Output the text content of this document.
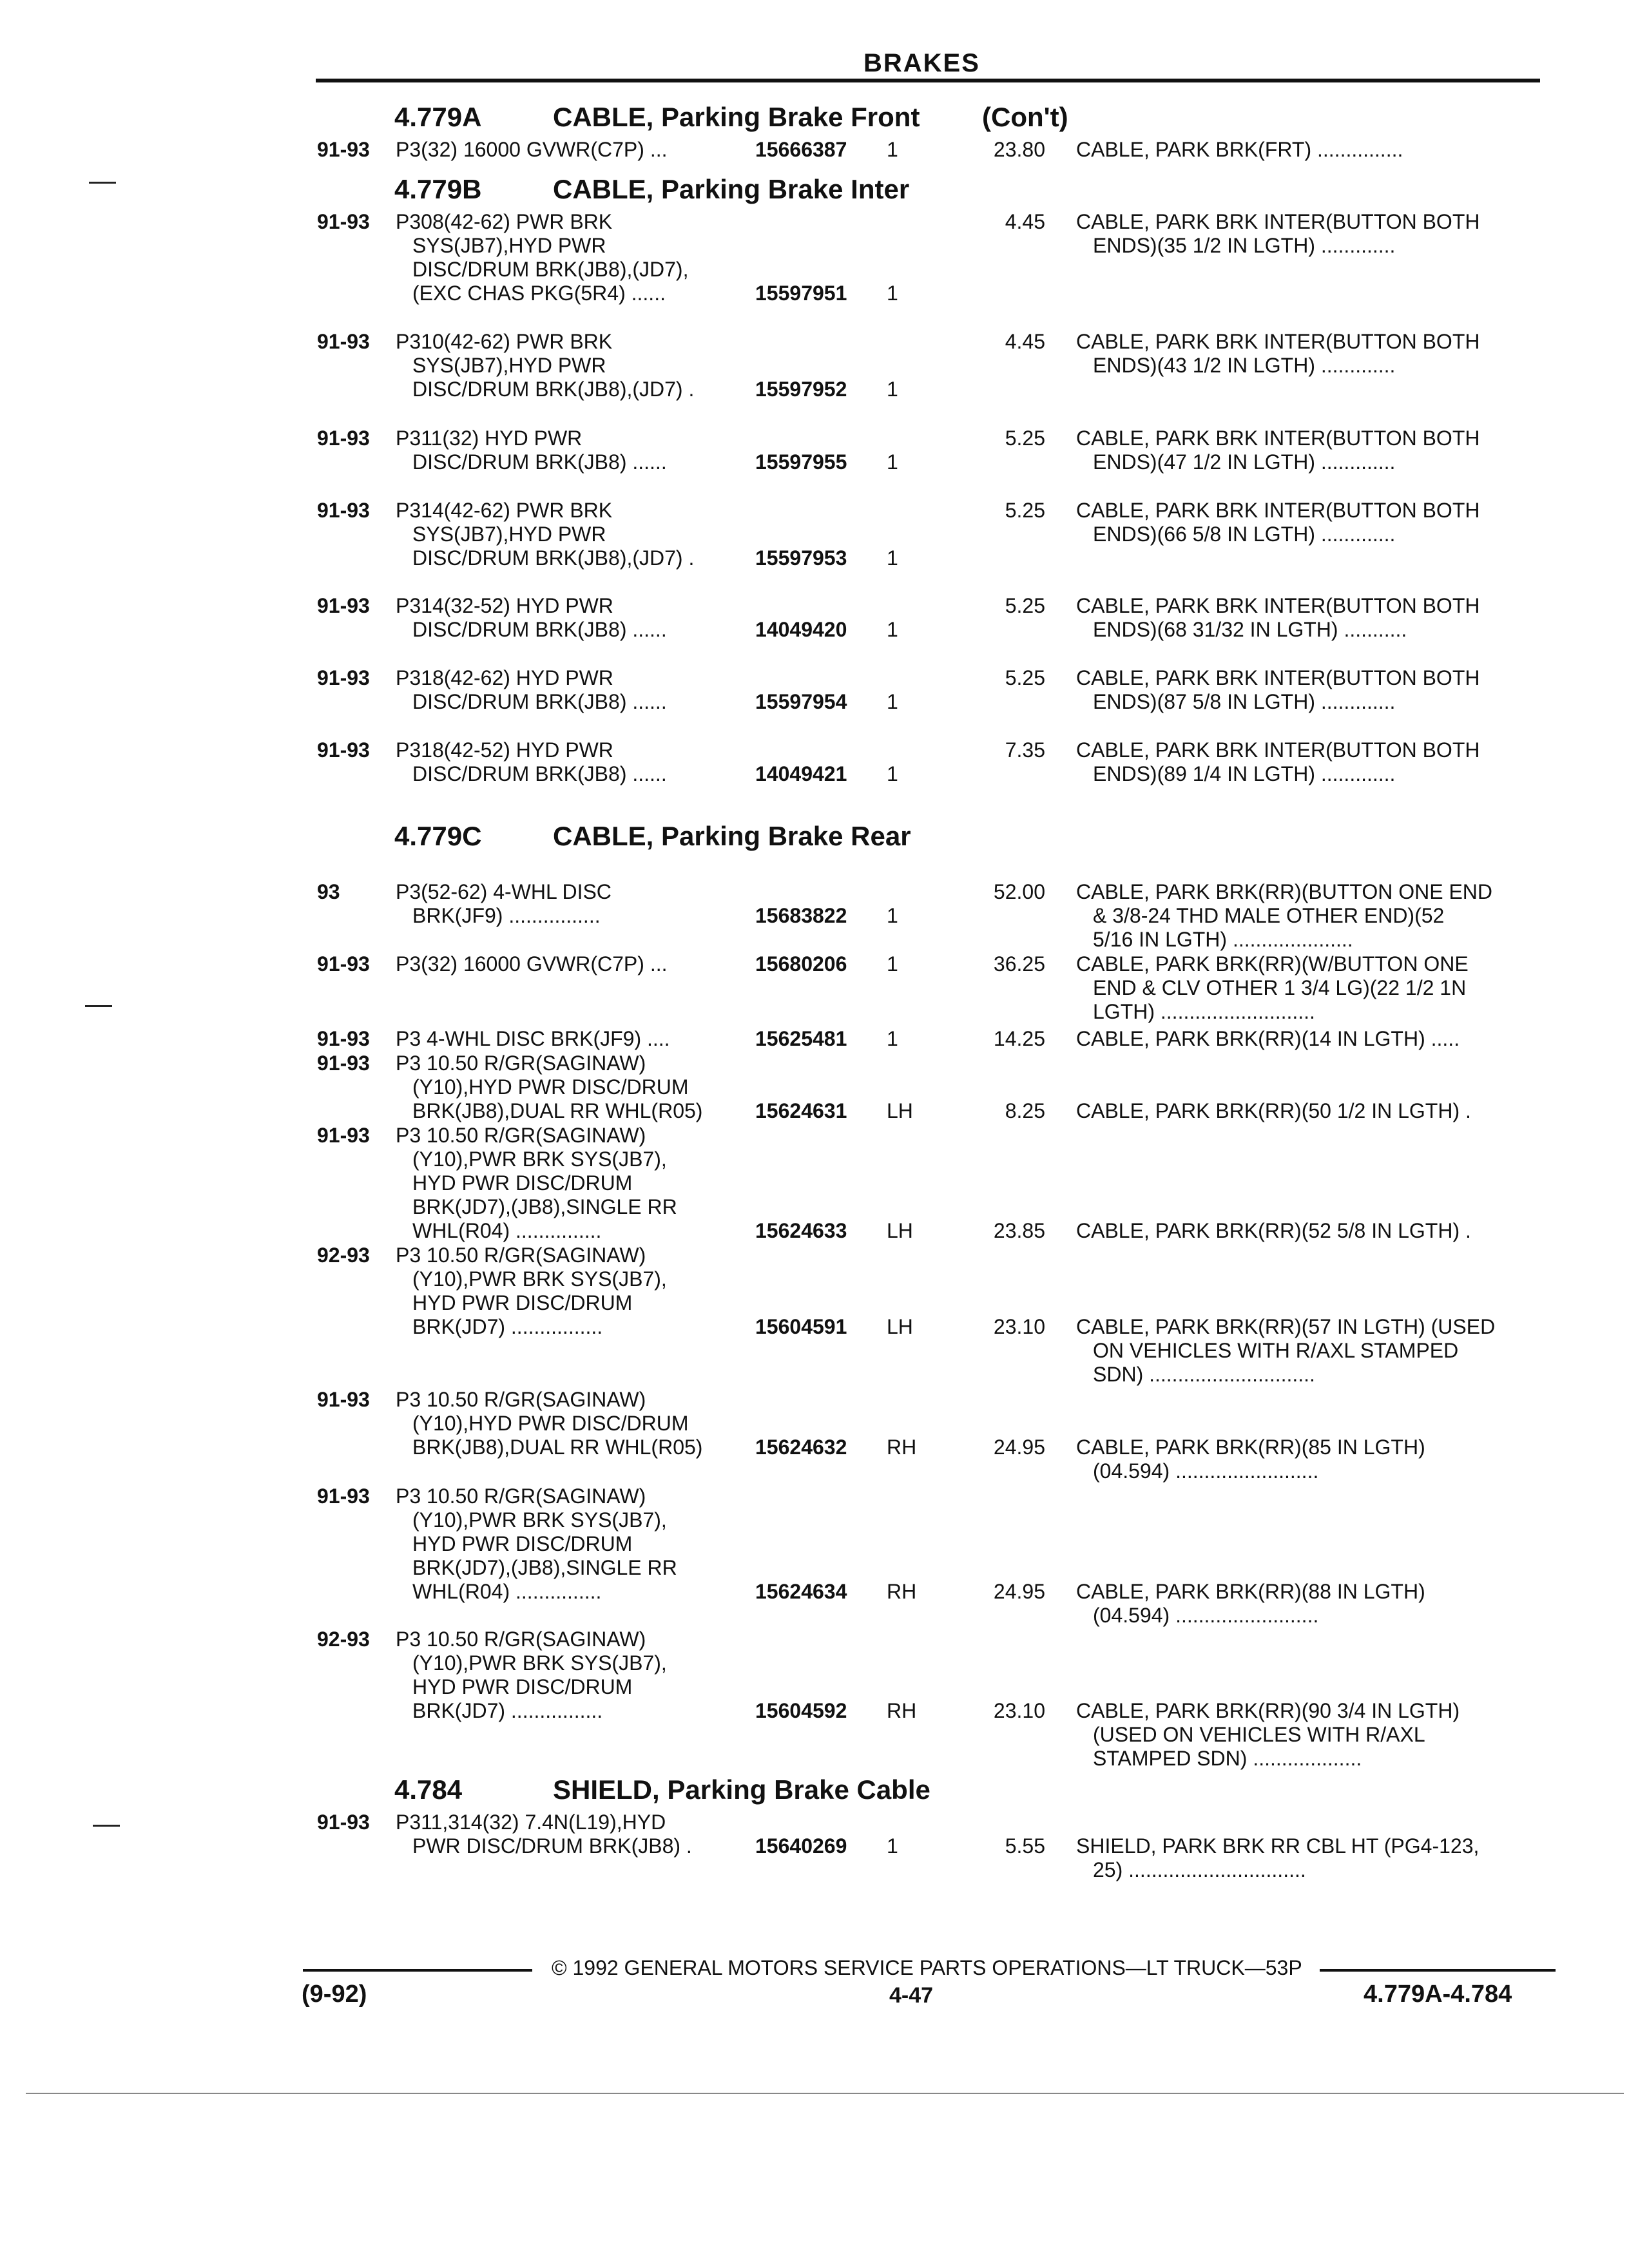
BRAKES
4.779A	CABLE, Parking Brake Front (Con't)
91-93 P3(32) 16000 GVWR(C7P) ...	15666387 1	23.80 CABLE, PARK BRK(FRT) ...............
4.779B	CABLE, Parking Brake Inter
91-93 P308(42-62) PWR BRK
SYS(JB7),HYD PWR
DISC/DRUM BRK(JB8),(JD7),
(EXC CHAS PKG(5R4) ......	15597951 1
4.45 CABLE, PARK BRK INTER(BUTTON BOTH
ENDS)(35 1/2 IN LGTH) .............
91-93 P310(42-62) PWR BRK
SYS(JB7),HYD PWR
DISC/DRUM BRK(JB8),(JD7) .	15597952 1
4.45 CABLE, PARK BRK INTER(BUTTON BOTH
ENDS)(43 1/2 IN LGTH) .............
91-93 P311(32) HYD PWR
DISC/DRUM BRK(JB8) ......	15597955 1
5.25 CABLE, PARK BRK INTER(BUTTON BOTH
ENDS)(47 1/2 IN LGTH) .............
91-93 P314(42-62) PWR BRK
SYS(JB7),HYD PWR
DISC/DRUM BRK(JB8),(JD7) .	15597953 1
5.25 CABLE, PARK BRK INTER(BUTTON BOTH
ENDS)(66 5/8 IN LGTH) .............
91-93 P314(32-52) HYD PWR
DISC/DRUM BRK(JB8) ......	14049420 1
5.25 CABLE, PARK BRK INTER(BUTTON BOTH
ENDS)(68 31/32 IN LGTH) ...........
91-93 P318(42-62) HYD PWR
DISC/DRUM BRK(JB8) ......	15597954 1
5.25 CABLE, PARK BRK INTER(BUTTON BOTH
ENDS)(87 5/8 IN LGTH) .............
91-93 P318(42-52) HYD PWR
DISC/DRUM BRK(JB8) ......	14049421 1
7.35 CABLE, PARK BRK INTER(BUTTON BOTH
ENDS)(89 1/4 IN LGTH) .............
4.779C	CABLE, Parking Brake Rear
93	P3(52-62) 4-WHL DISC
BRK(JF9) ................	15683822 1
52.00 CABLE, PARK BRK(RR)(BUTTON ONE END
& 3/8-24 THD MALE OTHER END)(52
5/16 IN LGTH) .....................
91-93 P3(32) 16000 GVWR(C7P) ...	15680206 1	36.25 CABLE, PARK BRK(RR)(W/BUTTON ONE
END & CLV OTHER 1 3/4 LG)(22 1/2 1N
LGTH) ...........................
91-93 P3 4-WHL DISC BRK(JF9) ....	15625481 1	14.25 CABLE, PARK BRK(RR)(14 IN LGTH) .....
91-93 P3 10.50 R/GR(SAGINAW)
(Y10),HYD PWR DISC/DRUM
BRK(JB8),DUAL RR WHL(R05)	15624631 LH	8.25

CABLE, PARK BRK(RR)(50 1/2 IN LGTH) .
91-93 P3 10.50 R/GR(SAGINAW)
(Y10),PWR BRK SYS(JB7),
HYD PWR DISC/DRUM
BRK(JD7),(JB8),SINGLE RR
WHL(R04) ...............	15624633 LH	23.85

CABLE, PARK BRK(RR)(52 5/8 IN LGTH) .
92-93 P3 10.50 R/GR(SAGINAW)
(Y10),PWR BRK SYS(JB7),
HYD PWR DISC/DRUM
BRK(JD7) ................	15604591 LH	23.10

CABLE, PARK BRK(RR)(57 IN LGTH) (USED
ON VEHICLES WITH R/AXL STAMPED
SDN) .............................
91-93 P3 10.50 R/GR(SAGINAW)
(Y10),HYD PWR DISC/DRUM
BRK(JB8),DUAL RR WHL(R05)	15624632 RH	24.95

CABLE, PARK BRK(RR)(85 IN LGTH)
(04.594) .........................
91-93 P3 10.50 R/GR(SAGINAW)
(Y10),PWR BRK SYS(JB7),
HYD PWR DISC/DRUM
BRK(JD7),(JB8),SINGLE RR
WHL(R04) ...............	15624634 RH	24.95

CABLE, PARK BRK(RR)(88 IN LGTH)
(04.594) .........................
92-93 P3 10.50 R/GR(SAGINAW)
(Y10),PWR BRK SYS(JB7),
HYD PWR DISC/DRUM
BRK(JD7) ................	15604592 RH	23.10

CABLE, PARK BRK(RR)(90 3/4 IN LGTH)
(USED ON VEHICLES WITH R/AXL
STAMPED SDN) ...................
4.784	SHIELD, Parking Brake Cable
91-93 P311,314(32) 7.4N(L19),HYD
PWR DISC/DRUM BRK(JB8) .	15640269 1	5.55
SHIELD, PARK BRK RR CBL HT (PG4-123,
25) ...............................
© 1992 GENERAL MOTORS SERVICE PARTS OPERATIONS—LT TRUCK—53P
(9-92)	4-47	4.779A-4.784
